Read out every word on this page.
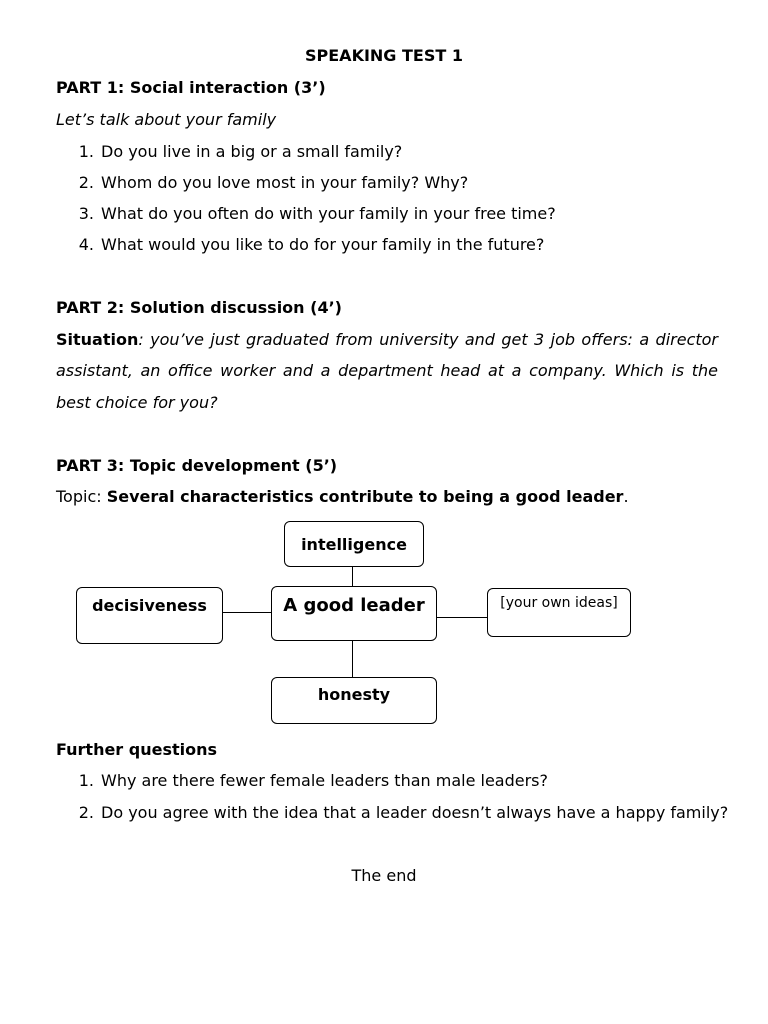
SPEAKING TEST 1
PART 1: Social interaction (3’)
Let’s talk about your family
1. Do you live in a big or a small family?
2. Whom do you love most in your family? Why?
3. What do you often do with your family in your free time?
4. What would you like to do for your family in the future?
PART 2: Solution discussion (4’)
Situation: you’ve just graduated from university and get 3 job offers: a director
assistant, an office worker and a department head at a company. Which is the
best choice for you?
PART 3: Topic development (5’)
Topic: Several characteristics contribute to being a good leader.
intelligence
decisiveness	A good leader	[your own ideas]
honesty
Further questions
1. Why are there fewer female leaders than male leaders?
2. Do you agree with the idea that a leader doesn’t always have a happy family?
The end
